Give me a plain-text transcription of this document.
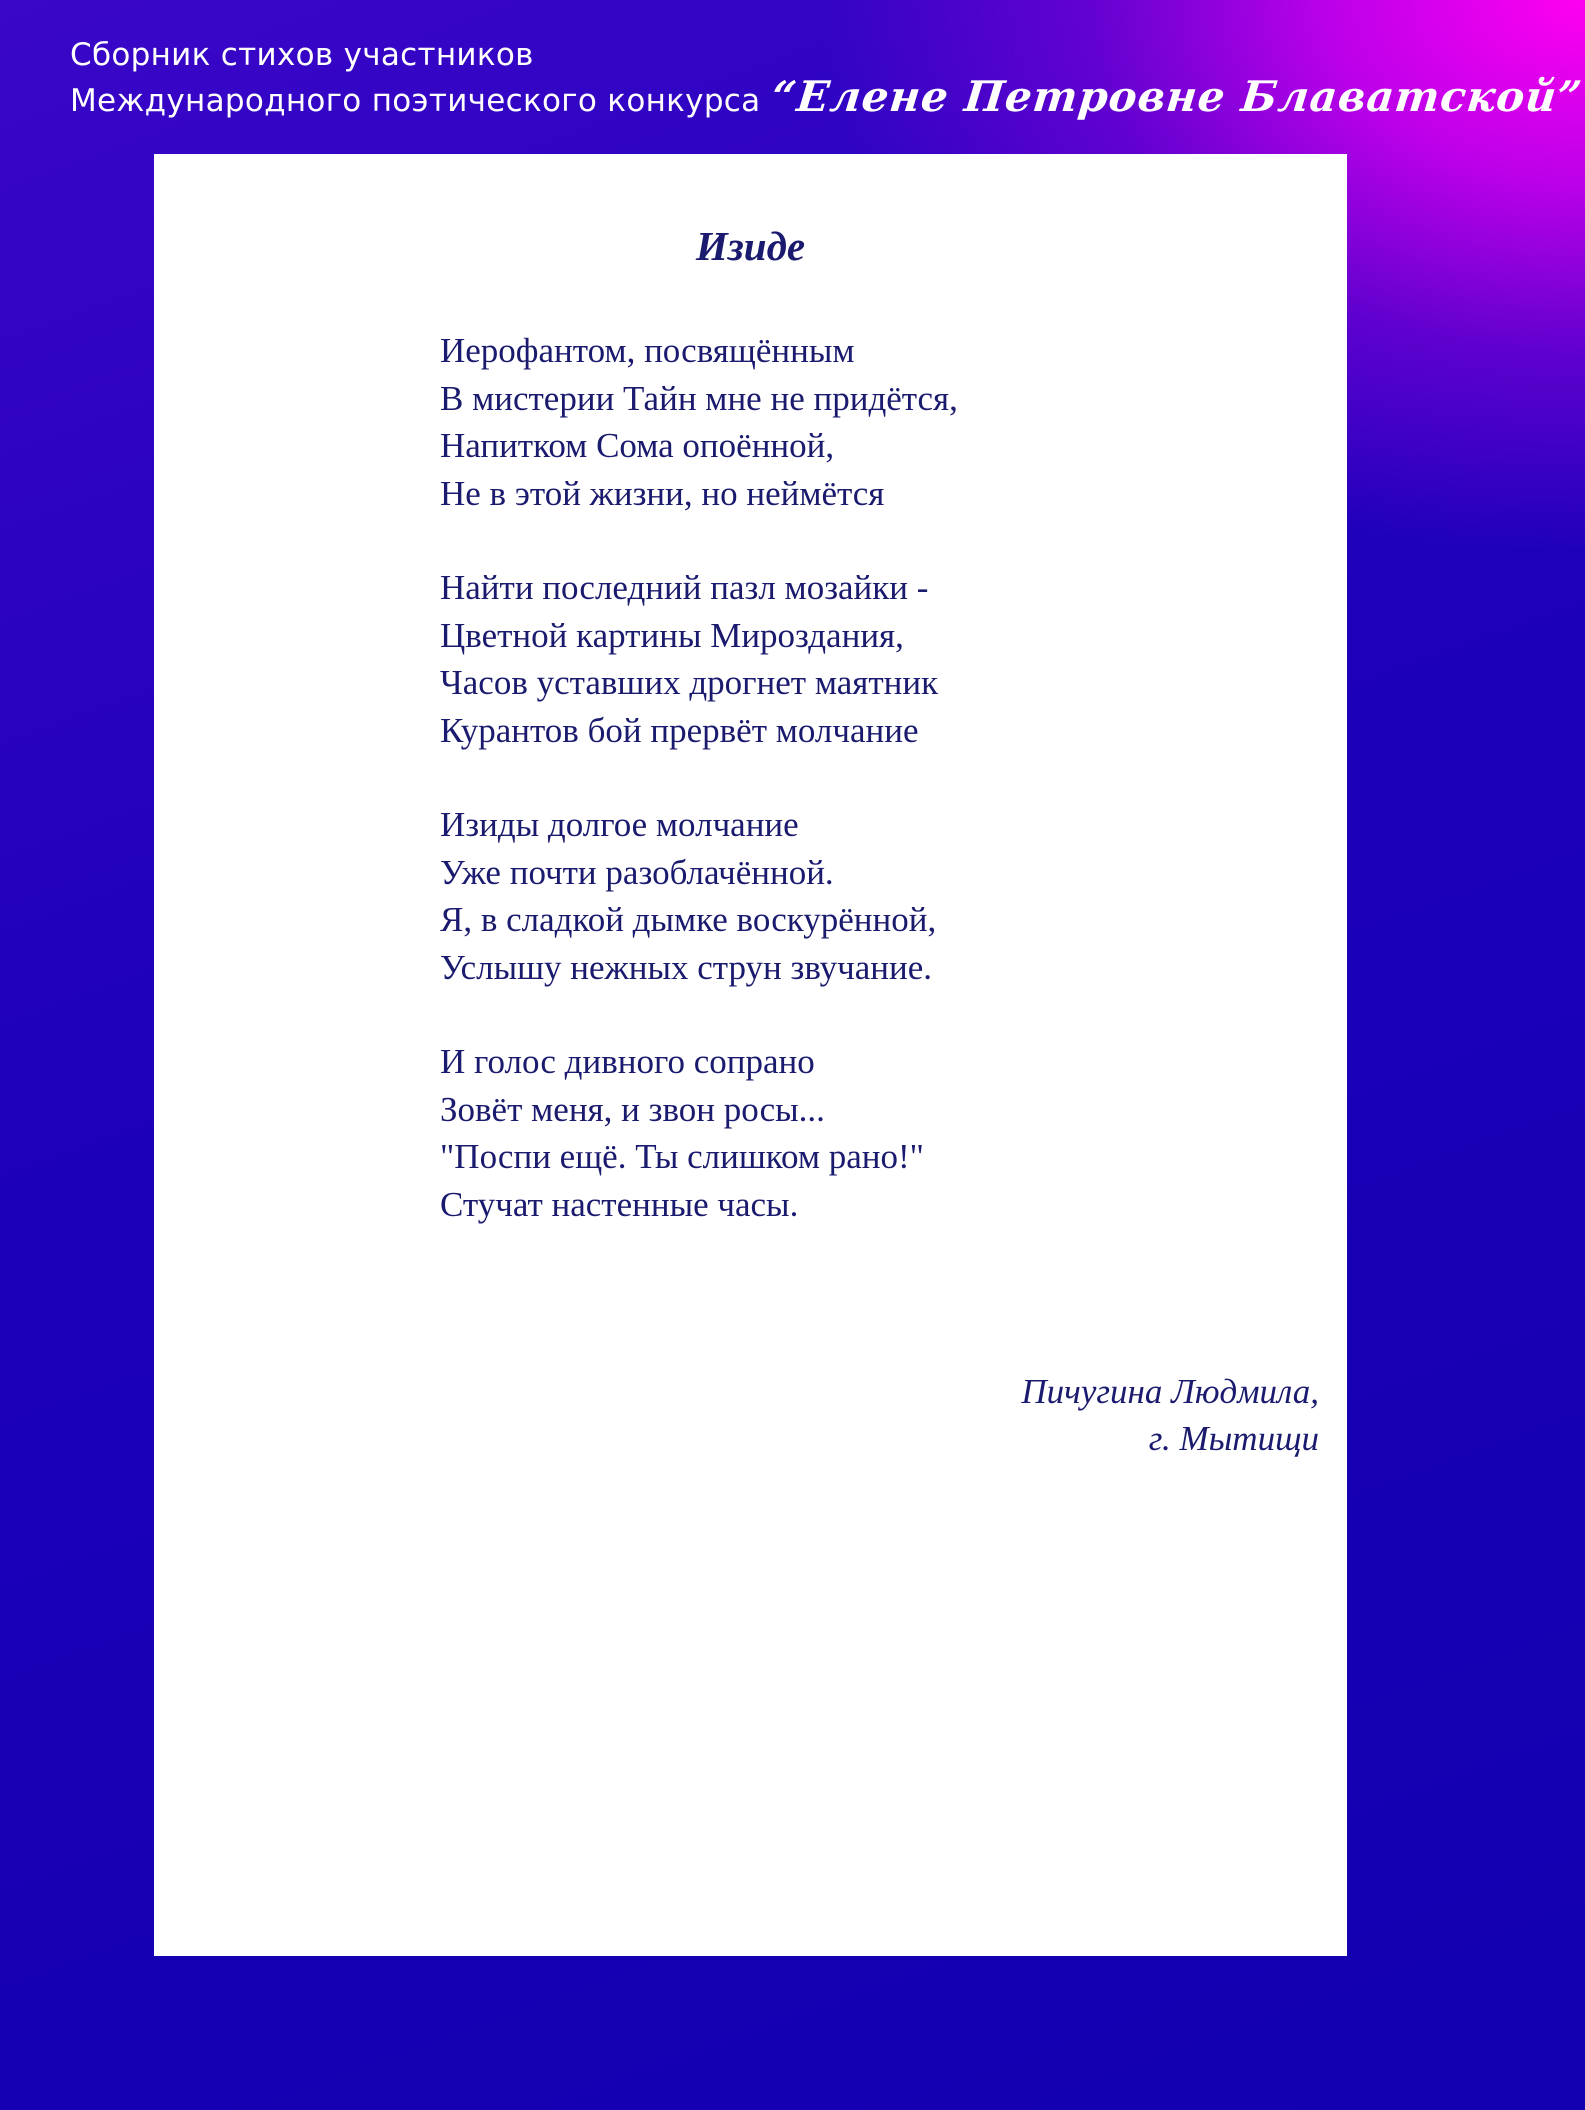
Сборник стихов участников
Международного поэтического конкурса “Елене Петровне Блаватской”
Изиде
Иерофантом, посвящённым
В мистерии Тайн мне не придётся,
Напитком Сома опоённой,
Не в этой жизни, но неймётся
Найти последний пазл мозайки -
Цветной картины Мироздания,
Часов уставших дрогнет маятник
Курантов бой прервёт молчание
Изиды долгое молчание
Уже почти разоблачённой.
Я, в сладкой дымке воскурённой,
Услышу нежных струн звучание.
И голос дивного сопрано
Зовёт меня, и звон росы...
"Поспи ещё. Ты слишком рано!"
Стучат настенные часы.
Пичугина Людмила,
г. Мытищи
